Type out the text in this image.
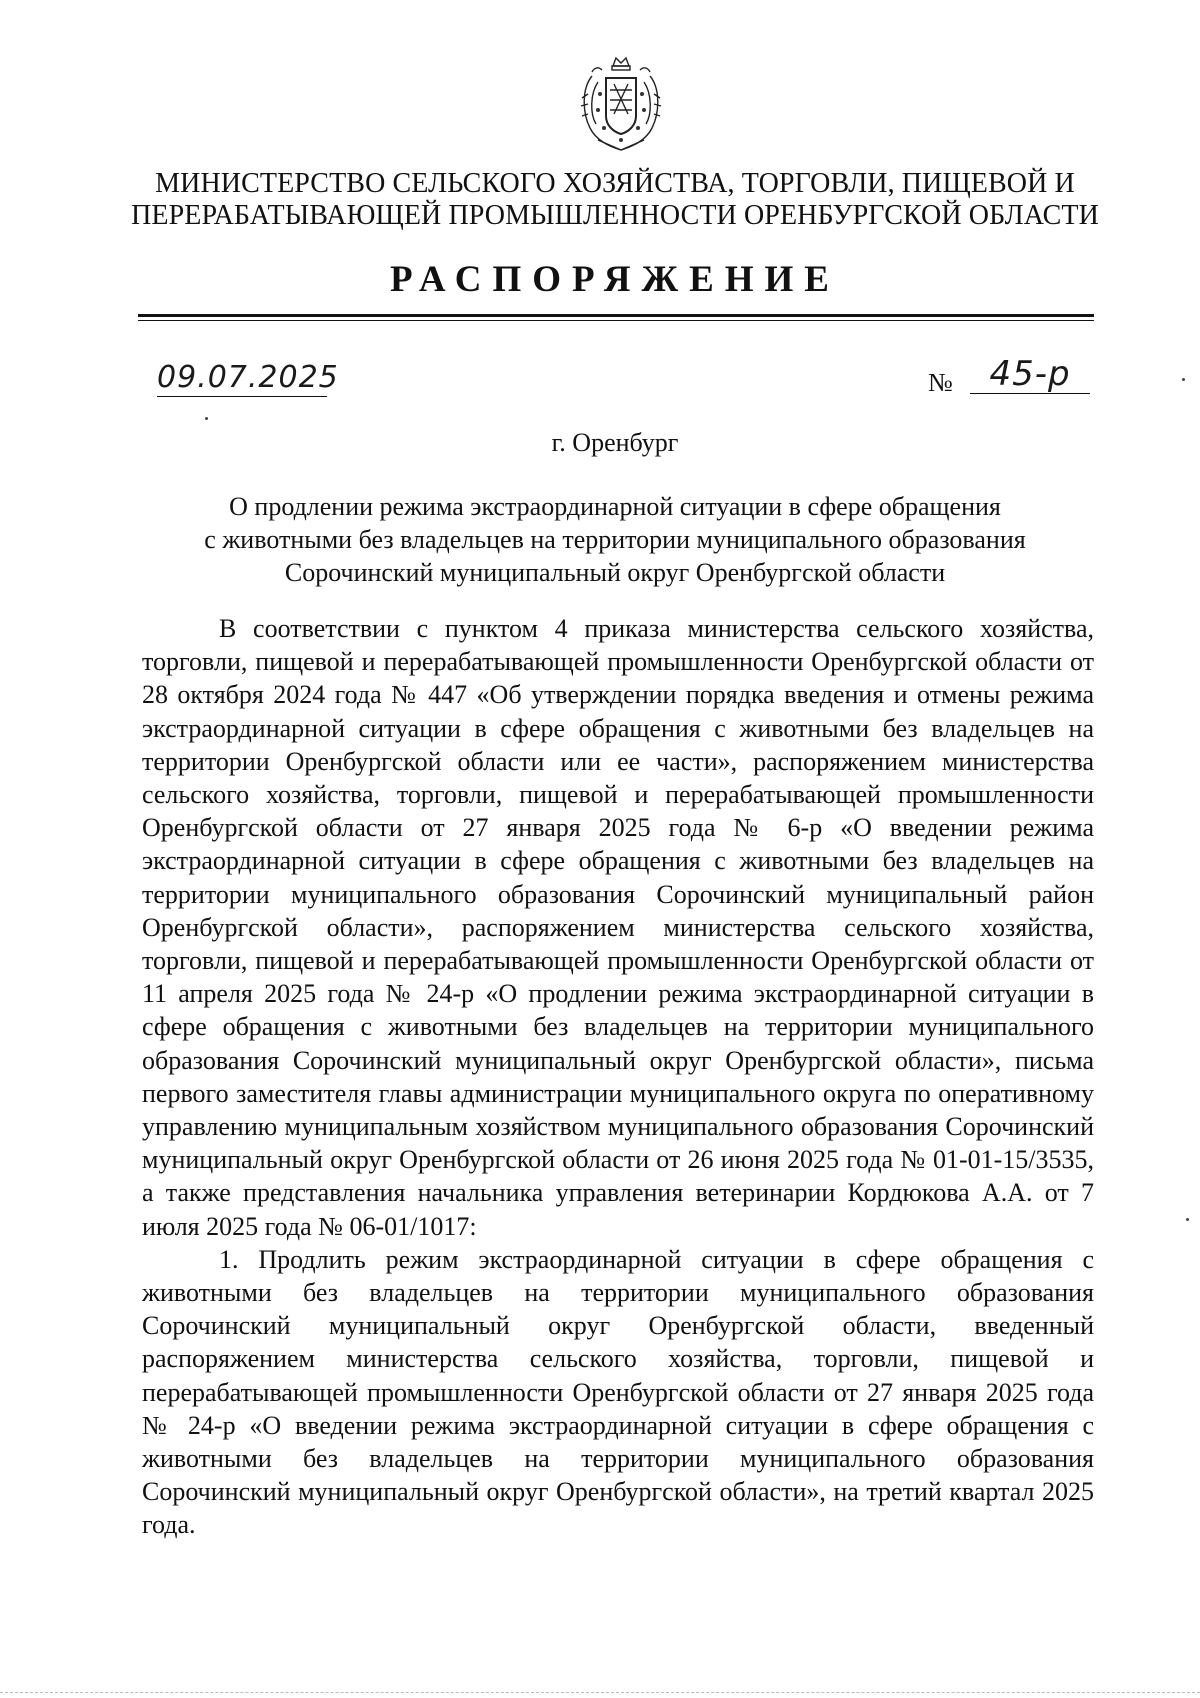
МИНИСТЕРСТВО СЕЛЬСКОГО ХОЗЯЙСТВА, ТОРГОВЛИ, ПИЩЕВОЙ И
ПЕРЕРАБАТЫВАЮЩЕЙ ПРОМЫШЛЕННОСТИ ОРЕНБУРГСКОЙ ОБЛАСТИ
РАСПОРЯЖЕНИЕ
09.07.2025	№	45-р
г. Оренбург
О продлении режима экстраординарной ситуации в сфере обращения
с животными без владельцев на территории муниципального образования
Сорочинский муниципальный округ Оренбургской области

В соответствии с пунктом 4 приказа министерства сельского хозяйства, торговли, пищевой и перерабатывающей промышленности Оренбургской области от 28 октября 2024 года № 447 «Об утверждении порядка введения и отмены режима экстраординарной ситуации в сфере обращения с животными без владельцев на территории Оренбургской области или ее части», распоряжением министерства сельского хозяйства, торговли, пищевой и перерабатывающей промышленности Оренбургской области от 27 января 2025 года № 6-р «О введении режима экстраординарной ситуации в сфере обращения с животными без владельцев на территории муниципального образования Сорочинский муниципальный район Оренбургской области», распоряжением министерства сельского хозяйства, торговли, пищевой и перерабатывающей промышленности Оренбургской области от 11 апреля 2025 года № 24-р «О продлении режима экстраординарной ситуации в сфере обращения с животными без владельцев на территории муниципального образования Сорочинский муниципальный округ Оренбургской области», письма первого заместителя главы администрации муниципального округа по оперативному управлению муниципальным хозяйством муниципального образования Сорочинский муниципальный округ Оренбургской области от 26 июня 2025 года № 01-01-15/3535, а также представления начальника управления ветеринарии Кордюкова А.А. от 7 июля 2025 года № 06-01/1017:

1. Продлить режим экстраординарной ситуации в сфере обращения с животными без владельцев на территории муниципального образования Сорочинский муниципальный округ Оренбургской области, введенный распоряжением министерства сельского хозяйства, торговли, пищевой и перерабатывающей промышленности Оренбургской области от 27 января 2025 года № 24-р «О введении режима экстраординарной ситуации в сфере обращения с животными без владельцев на территории муниципального образования Сорочинский муниципальный округ Оренбургской области», на третий квартал 2025 года.
